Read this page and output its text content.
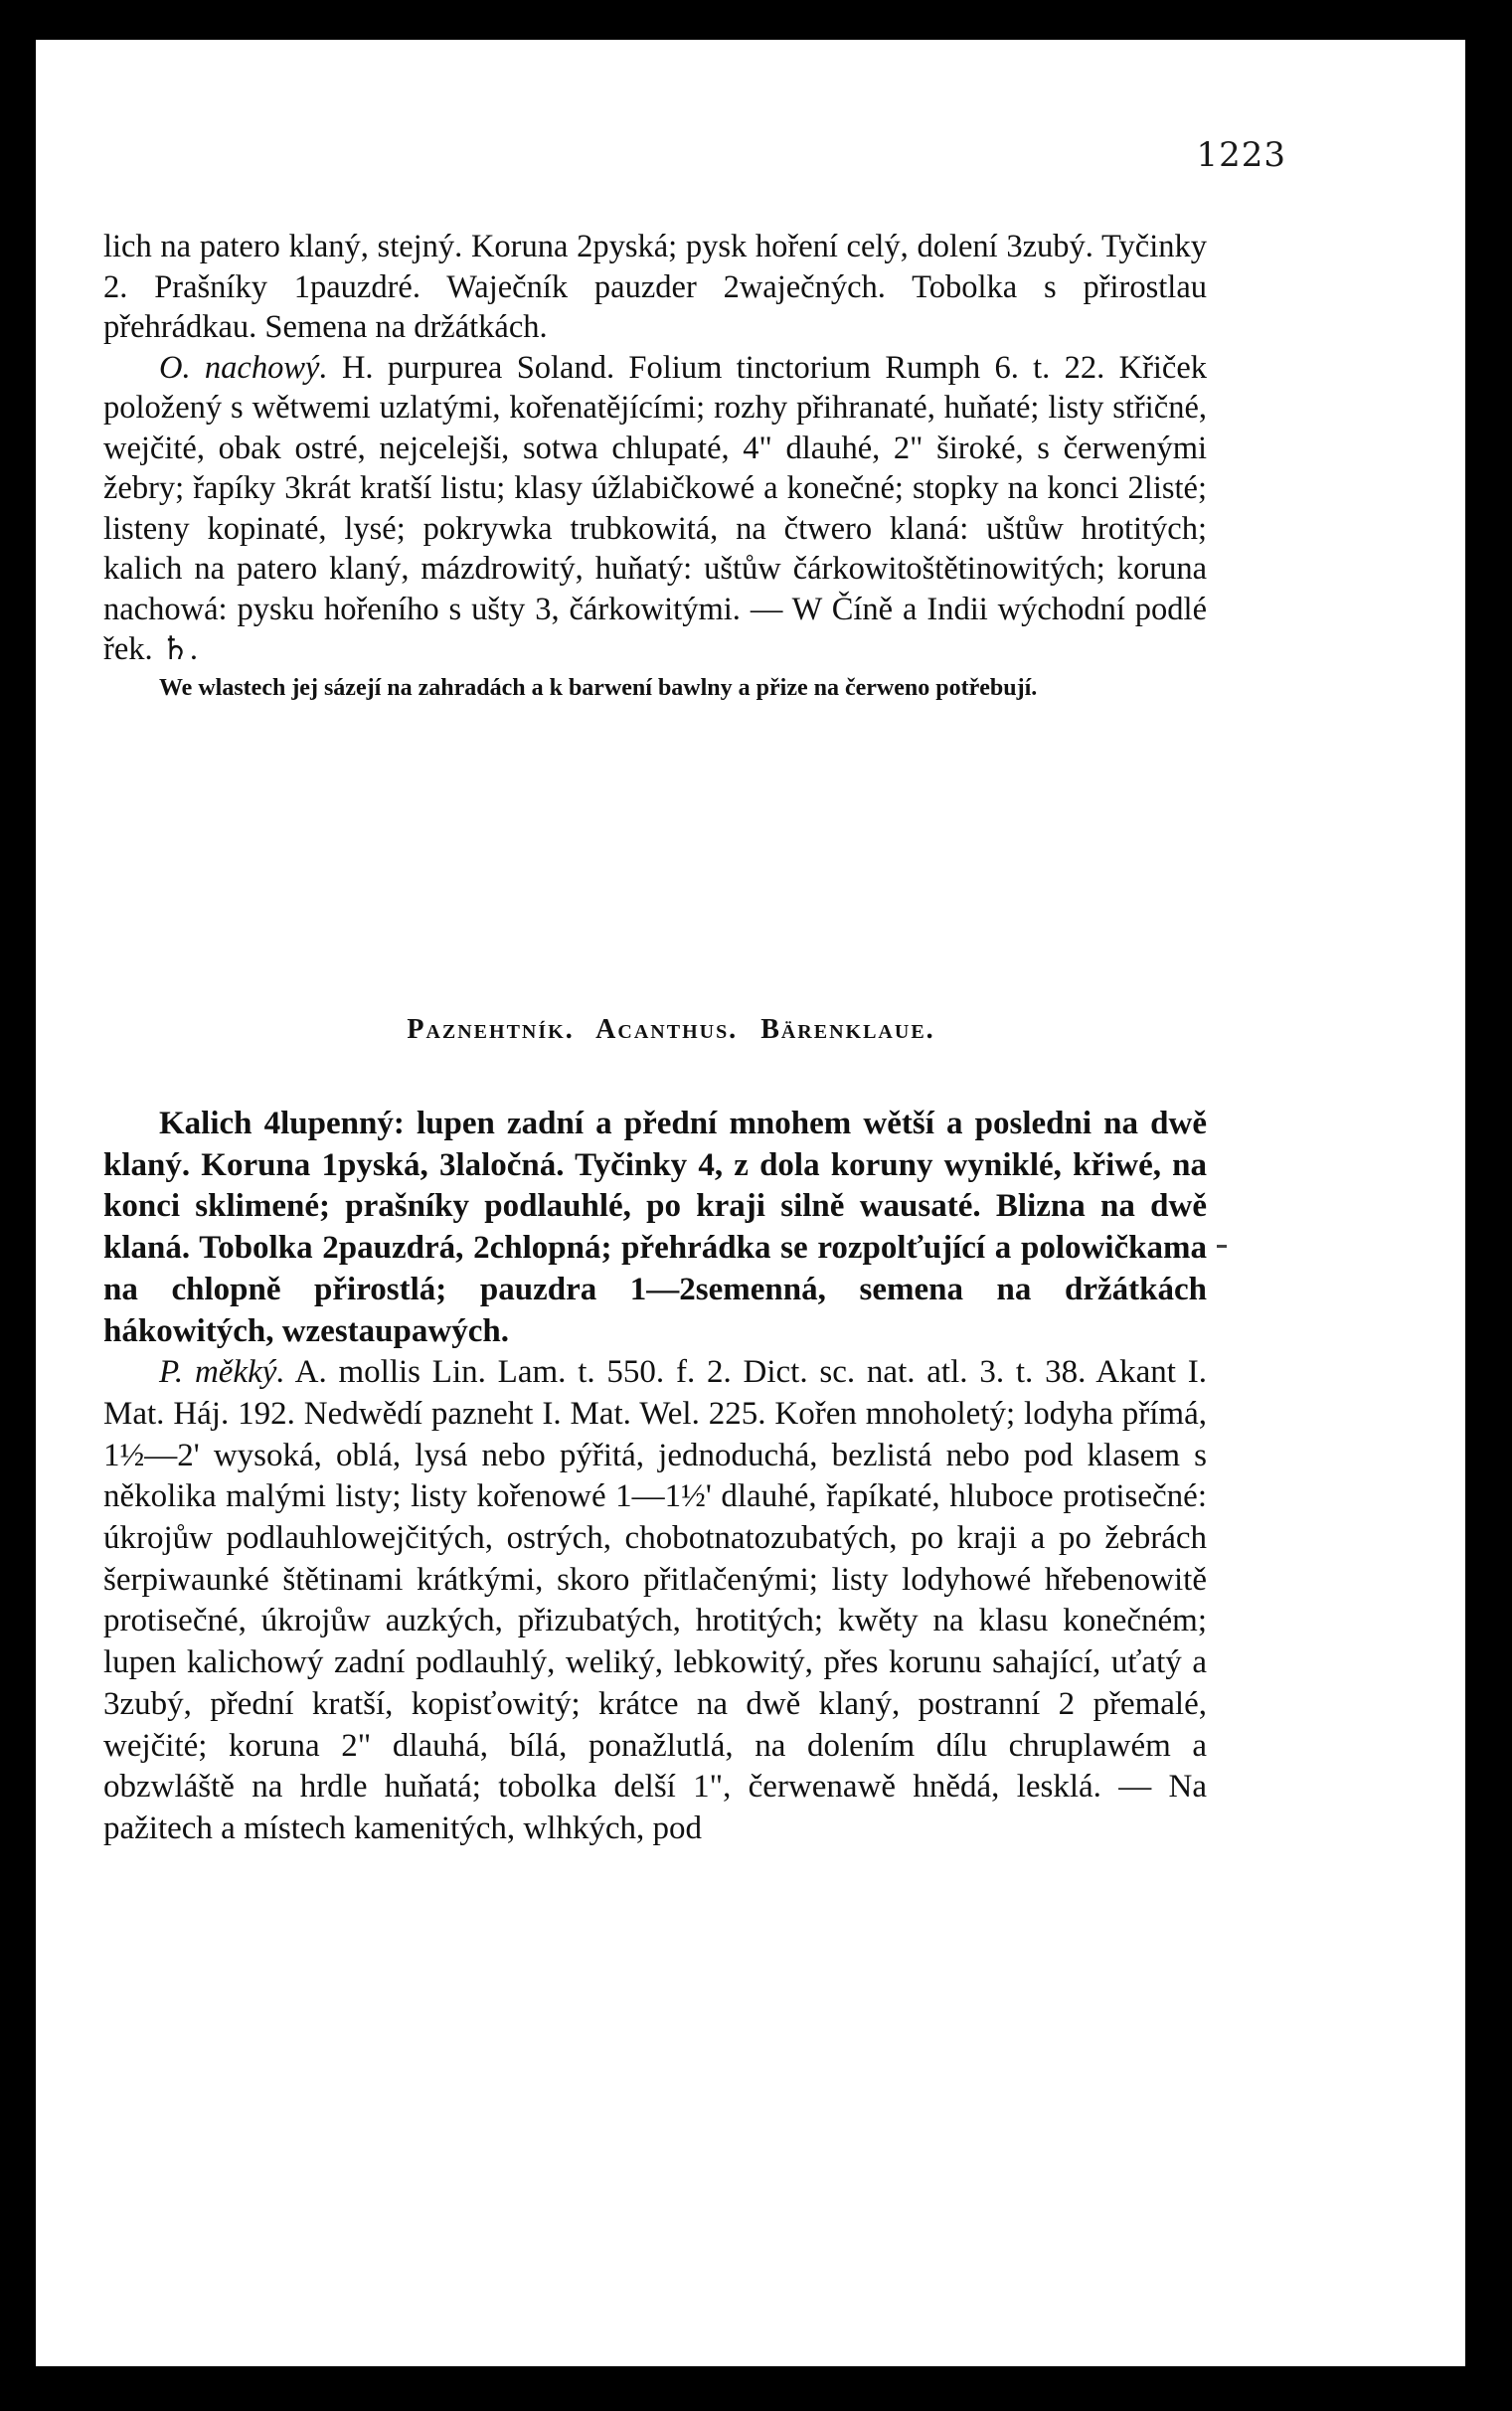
1223

lich na patero klaný, stejný. Koruna 2pyská; pysk hoření celý, dolení 3zubý. Tyčinky 2. Prašníky 1pauzdré. Waječník pauzder 2waječných. Tobolka s přirostlau přehrádkau. Semena na držátkách.

O. nachowý. H. purpurea Soland. Folium tinctorium Rumph 6. t. 22. Křiček položený s wětwemi uzlatými, kořenatějícími; rozhy přihranaté, huňaté; listy střičné, wejčité, obak ostré, nejcelejši, sotwa chlupaté, 4" dlauhé, 2" široké, s čerwenými žebry; řapíky 3krát kratší listu; klasy úžlabičkowé a konečné; stopky na konci 2listé; listeny kopinaté, lysé; pokrywka trubkowitá, na čtwero klaná: uštůw hrotitých; kalich na patero klaný, mázdrowitý, huňatý: uštůw čárkowitoštětinowitých; koruna nachowá: pysku hořeního s ušty 3, čárkowitými. — W Číně a Indii wýchodní podlé řek. ♄.

We wlastech jej sázejí na zahradách a k barwení bawlny a přize na čerweno potřebují.

Paznehtník. Acanthus. Bärenklaue.

Kalich 4lupenný: lupen zadní a přední mnohem wětší a posledni na dwě klaný. Koruna 1pyská, 3laločná. Tyčinky 4, z dola koruny wyniklé, křiwé, na konci sklimené; prašníky podlauhlé, po kraji silně wausaté. Blizna na dwě klaná. Tobolka 2pauzdrá, 2chlopná; přehrádka se rozpolťující a polowičkama na chlopně přirostlá; pauzdra 1—2semenná, semena na držátkách hákowitých, wzestaupawých.

P. měkký. A. mollis Lin. Lam. t. 550. f. 2. Dict. sc. nat. atl. 3. t. 38. Akant I. Mat. Háj. 192. Nedwědí pazneht I. Mat. Wel. 225. Kořen mnoholetý; lodyha přímá, 1½—2' wysoká, oblá, lysá nebo pýřitá, jednoduchá, bezlistá nebo pod klasem s několika malými listy; listy kořenowé 1—1½' dlauhé, řapíkaté, hluboce protisečné: úkrojůw podlauhlowejčitých, ostrých, chobotnatozubatých, po kraji a po žebrách šerpiwaunké štětinami krátkými, skoro přitlačenými; listy lodyhowé hřebenowitě protisečné, úkrojůw auzkých, přizubatých, hrotitých; kwěty na klasu konečném; lupen kalichowý zadní podlauhlý, weliký, lebkowitý, přes korunu sahající, uťatý a 3zubý, přední kratší, kopisťowitý; krátce na dwě klaný, postranní 2 přemalé, wejčité; koruna 2" dlauhá, bílá, ponažlutlá, na dolením dílu chruplawém a obzwláště na hrdle huňatá; tobolka delší 1", čerwenawě hnědá, lesklá. — Na pažitech a místech kamenitých, wlhkých, pod
